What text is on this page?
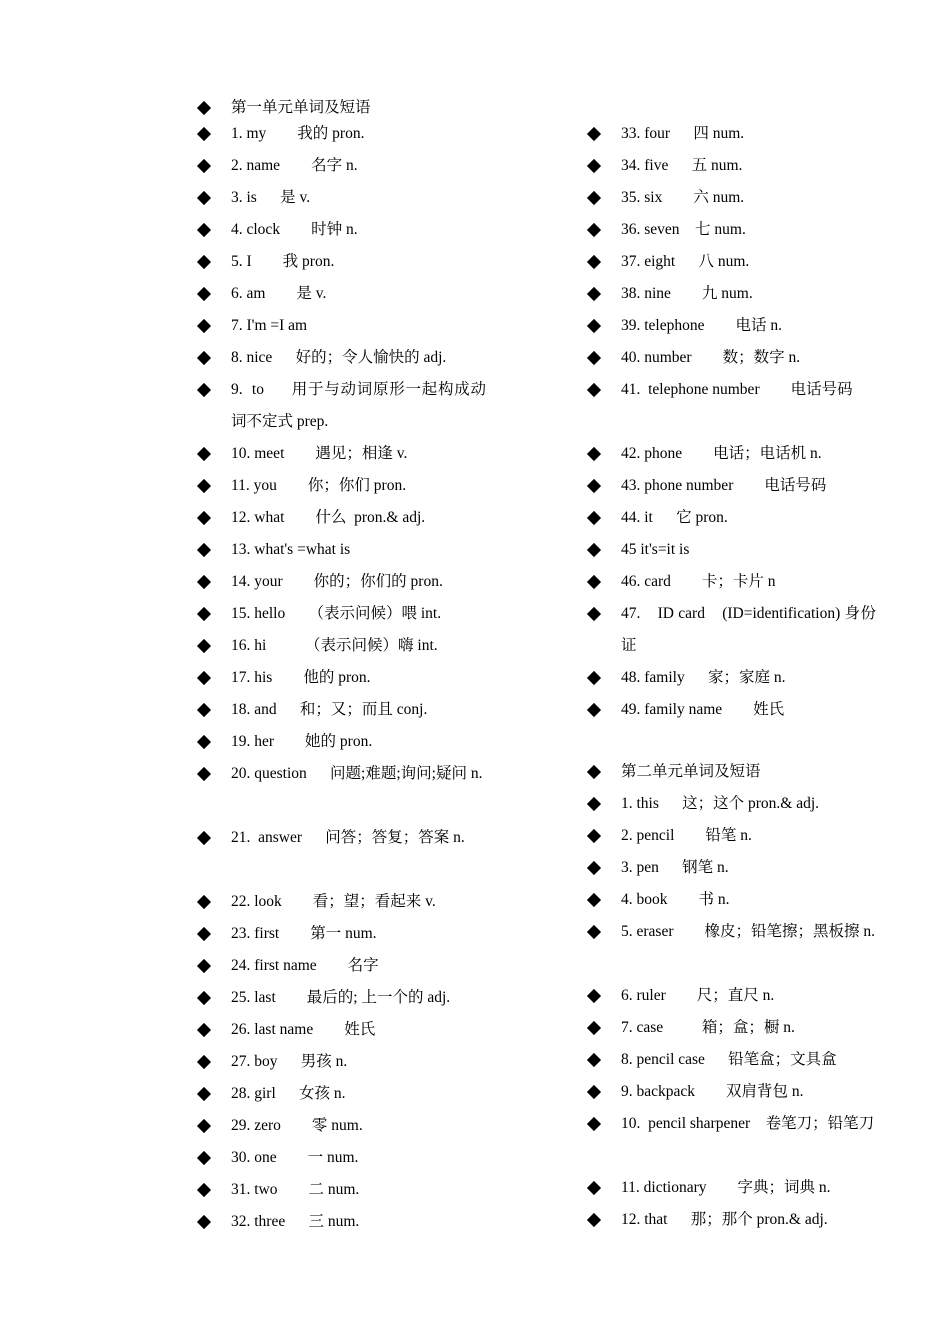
第一单元单词及短语
1. my        我的 pron.
2. name        名字 n.
3. is      是 v.
4. clock        时钟 n.
5. I        我 pron.
6. am        是 v.
7. I'm =I am
8. nice      好的；令人愉快的 adj.
9.  to      用于与动词原形一起构成动词不定式 prep.
10. meet        遇见；相逢 v.
11. you        你；你们 pron.
12. what        什么  pron.& adj.
13. what's =what is
14. your        你的；你们的 pron.
15. hello      （表示问候）喂 int.
16. hi          （表示问候）嗨 int.
17. his        他的 pron.
18. and      和；又；而且 conj.
19. her        她的 pron.
20. question      问题;难题;询问;疑问 n.
21.  answer      问答；答复；答案 n.
22. look        看；望；看起来 v.
23. first        第一 num.
24. first name        名字
25. last        最后的; 上一个的 adj.
26. last name        姓氏
27. boy      男孩 n.
28. girl      女孩 n.
29. zero        零 num.
30. one        一 num.
31. two        二 num.
32. three      三 num.
33. four      四 num.
34. five      五 num.
35. six        六 num.
36. seven    七 num.
37. eight      八 num.
38. nine        九 num.
39. telephone        电话 n.
40. number        数；数字 n.
41.  telephone number        电话号码
42. phone        电话；电话机 n.
43. phone number        电话号码
44. it      它 pron.
45 it's=it is
46. card        卡；卡片 n
47.    ID card    (ID=identification) 身份证
48. family      家；家庭 n.
49. family name        姓氏
第二单元单词及短语
1. this      这；这个 pron.& adj.
2. pencil        铅笔 n.
3. pen      钢笔 n.
4. book        书 n.
5. eraser        橡皮；铅笔擦；黑板擦 n.
6. ruler        尺；直尺 n.
7. case          箱；盒；橱 n.
8. pencil case      铅笔盒；文具盒
9. backpack        双肩背包 n.
10.  pencil sharpener    卷笔刀；铅笔刀
11. dictionary        字典；词典 n.
12. that      那；那个 pron.& adj.
